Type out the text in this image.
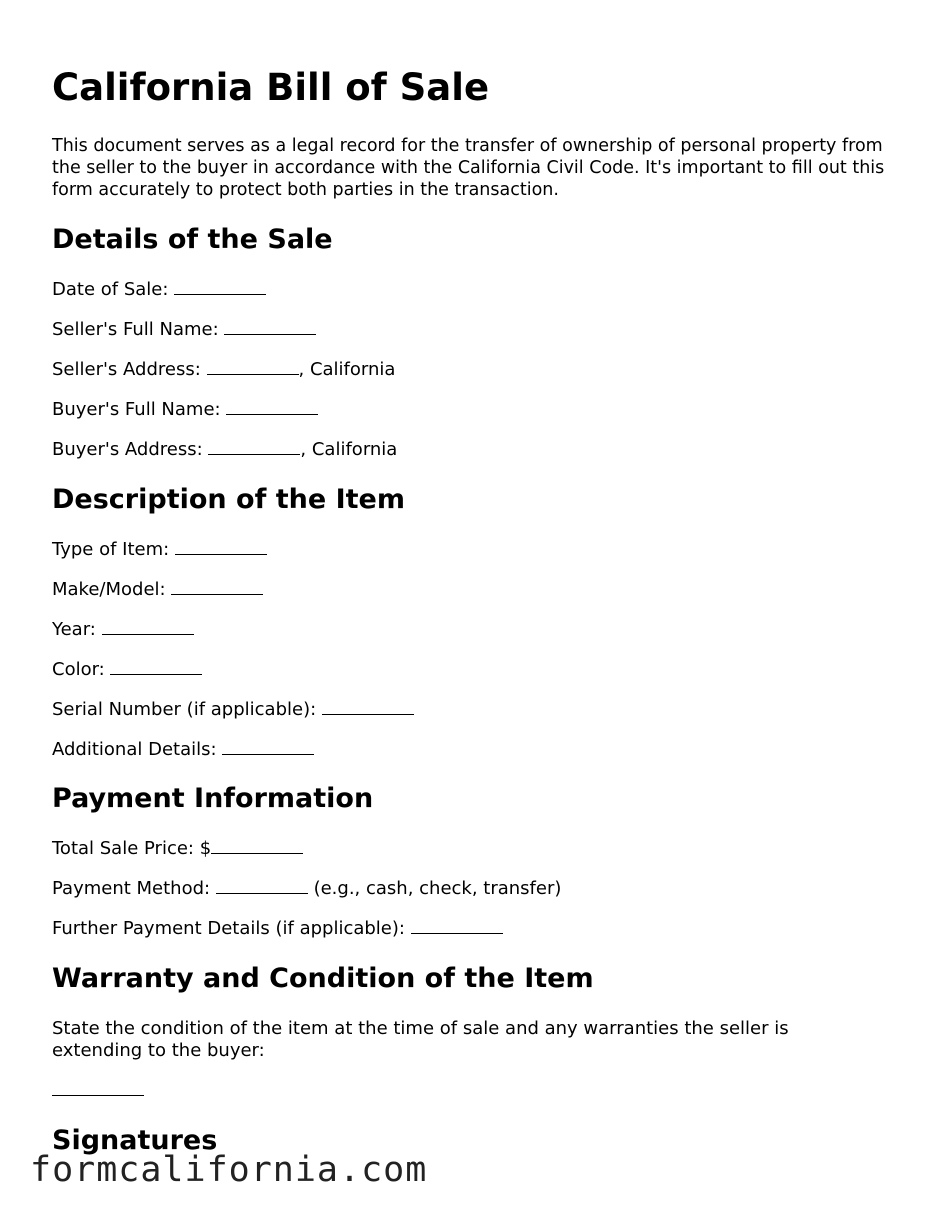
California Bill of Sale

This document serves as a legal record for the transfer of ownership of personal property from the seller to the buyer in accordance with the California Civil Code. It's important to fill out this form accurately to protect both parties in the transaction.

Details of the Sale

Date of Sale:

Seller's Full Name:

Seller's Address:	, California

Buyer's Full Name:

Buyer's Address:	, California

Description of the Item

Type of Item:

Make/Model:

Year:

Color:

Serial Number (if applicable):

Additional Details:

Payment Information

Total Sale Price: $

Payment Method:	(e.g., cash, check, transfer)

Further Payment Details (if applicable):

Warranty and Condition of the Item

State the condition of the item at the time of sale and any warranties the seller is extending to the buyer:

Signatures
formcalifornia.com
